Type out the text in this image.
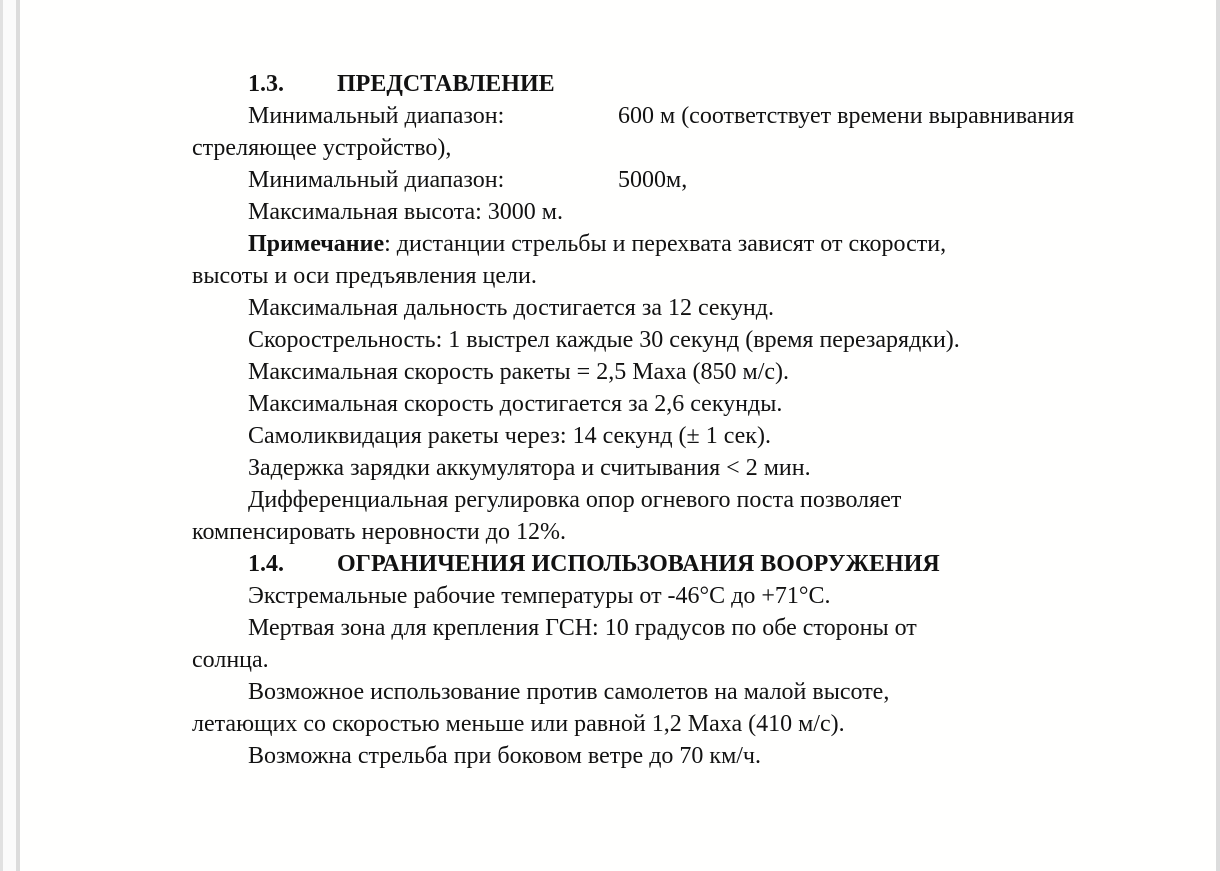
1.3. ПРЕДСТАВЛЕНИЕ
Минимальный диапазон:	600 м (соответствует времени выравнивания
стреляющее устройство),
Минимальный диапазон:	5000м,
Максимальная высота: 3000 м.
Примечание: дистанции стрельбы и перехвата зависят от скорости,
высоты и оси предъявления цели.
Максимальная дальность достигается за 12 секунд.
Скорострельность: 1 выстрел каждые 30 секунд (время перезарядки).
Максимальная скорость ракеты = 2,5 Маха (850 м/с).
Максимальная скорость достигается за 2,6 секунды.
Самоликвидация ракеты через: 14 секунд (± 1 сек).
Задержка зарядки аккумулятора и считывания < 2 мин.
Дифференциальная регулировка опор огневого поста позволяет
компенсировать неровности до 12%.
1.4. ОГРАНИЧЕНИЯ ИСПОЛЬЗОВАНИЯ ВООРУЖЕНИЯ
Экстремальные рабочие температуры от -46°С до +71°С.
Мертвая зона для крепления ГСН: 10 градусов по обе стороны от
солнца.
Возможное использование против самолетов на малой высоте,
летающих со скоростью меньше или равной 1,2 Маха (410 м/с).
Возможна стрельба при боковом ветре до 70 км/ч.
